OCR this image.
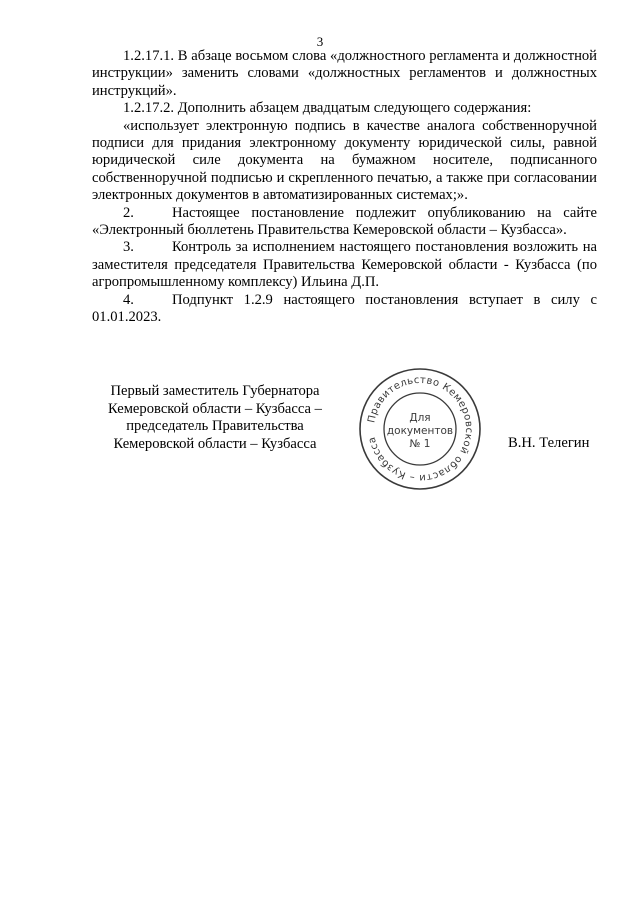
3

1.2.17.1. В абзаце восьмом слова «должностного регламента и должностной инструкции» заменить словами «должностных регламентов и должностных инструкций».

1.2.17.2. Дополнить абзацем двадцатым следующего содержания:

«использует электронную подпись в качестве аналога собственноручной подписи для придания электронному документу юридической силы, равной юридической силе документа на бумажном носителе, подписанного собственноручной подписью и скрепленного печатью, а также при согласовании электронных документов в автоматизированных системах;».

2.	Настоящее постановление подлежит опубликованию на сайте «Электронный бюллетень Правительства Кемеровской области – Кузбасса».

3.	Контроль за исполнением настоящего постановления возложить на заместителя председателя Правительства Кемеровской области - Кузбасса (по агропромышленному комплексу) Ильина Д.П.

4.	Подпункт 1.2.9 настоящего постановления вступает в силу с 01.01.2023.

Первый заместитель Губернатора
Кемеровской области – Кузбасса –
председатель Правительства
Кемеровской области – Кузбасса
Правительство Кемеровской области – Кузбасса
Для
документов
№ 1	В.Н. Телегин
